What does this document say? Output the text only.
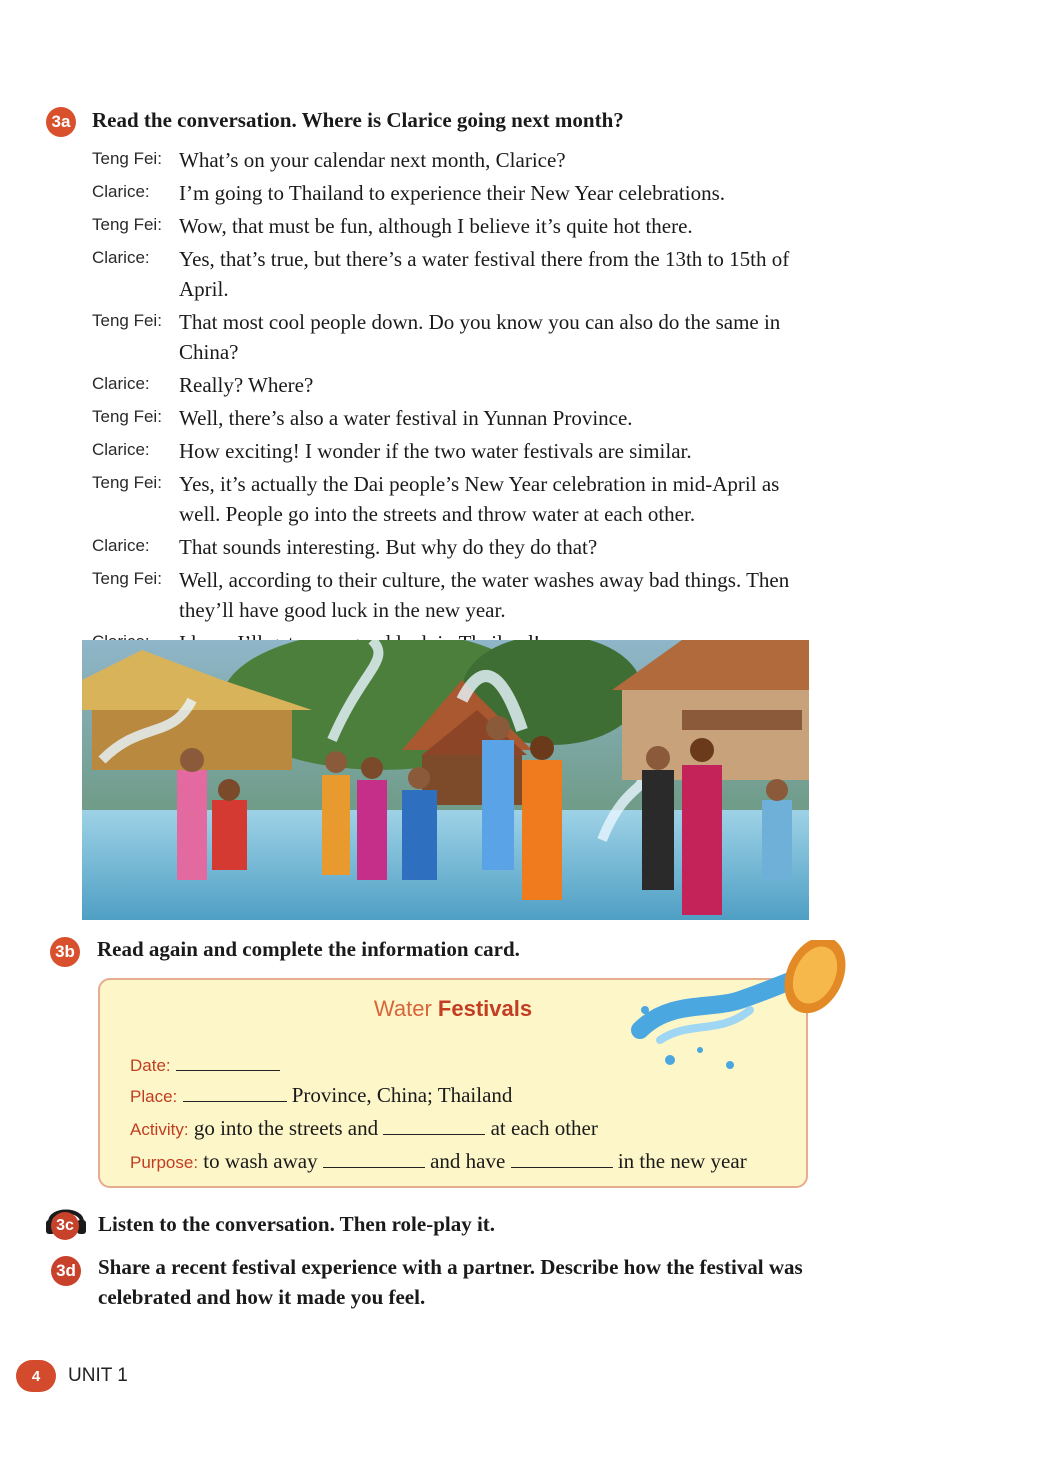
3a Read the conversation. Where is Clarice going next month?
Teng Fei: What’s on your calendar next month, Clarice?
Clarice:	I’m going to Thailand to experience their New Year celebrations.
Teng Fei: Wow, that must be fun, although I believe it’s quite hot there.
Clarice:	Yes, that’s true, but there’s a water festival there from the 13th to 15th of April.
Teng Fei: That most cool people down. Do you know you can also do the same in China?
Clarice:	Really? Where?
Teng Fei: Well, there’s also a water festival in Yunnan Province.
Clarice:	How exciting! I wonder if the two water festivals are similar.
Teng Fei: Yes, it’s actually the Dai people’s New Year celebration in mid-April as well. People go into the streets and throw water at each other.
Clarice:	That sounds interesting. But why do they do that?
Teng Fei: Well, according to their culture, the water washes away bad things. Then they’ll have good luck in the new year.
3b Read again and complete the information card.
Water Festivals
Date:
Place:	Province, China; Thailand
Activity: go into the streets and	at each other
Purpose: to wash away	and have	in the new year
3c Listen to the conversation. Then role-play it.
3d Share a recent festival experience with a partner. Describe how the festival was celebrated and how it made you feel.
4	UNIT 1
